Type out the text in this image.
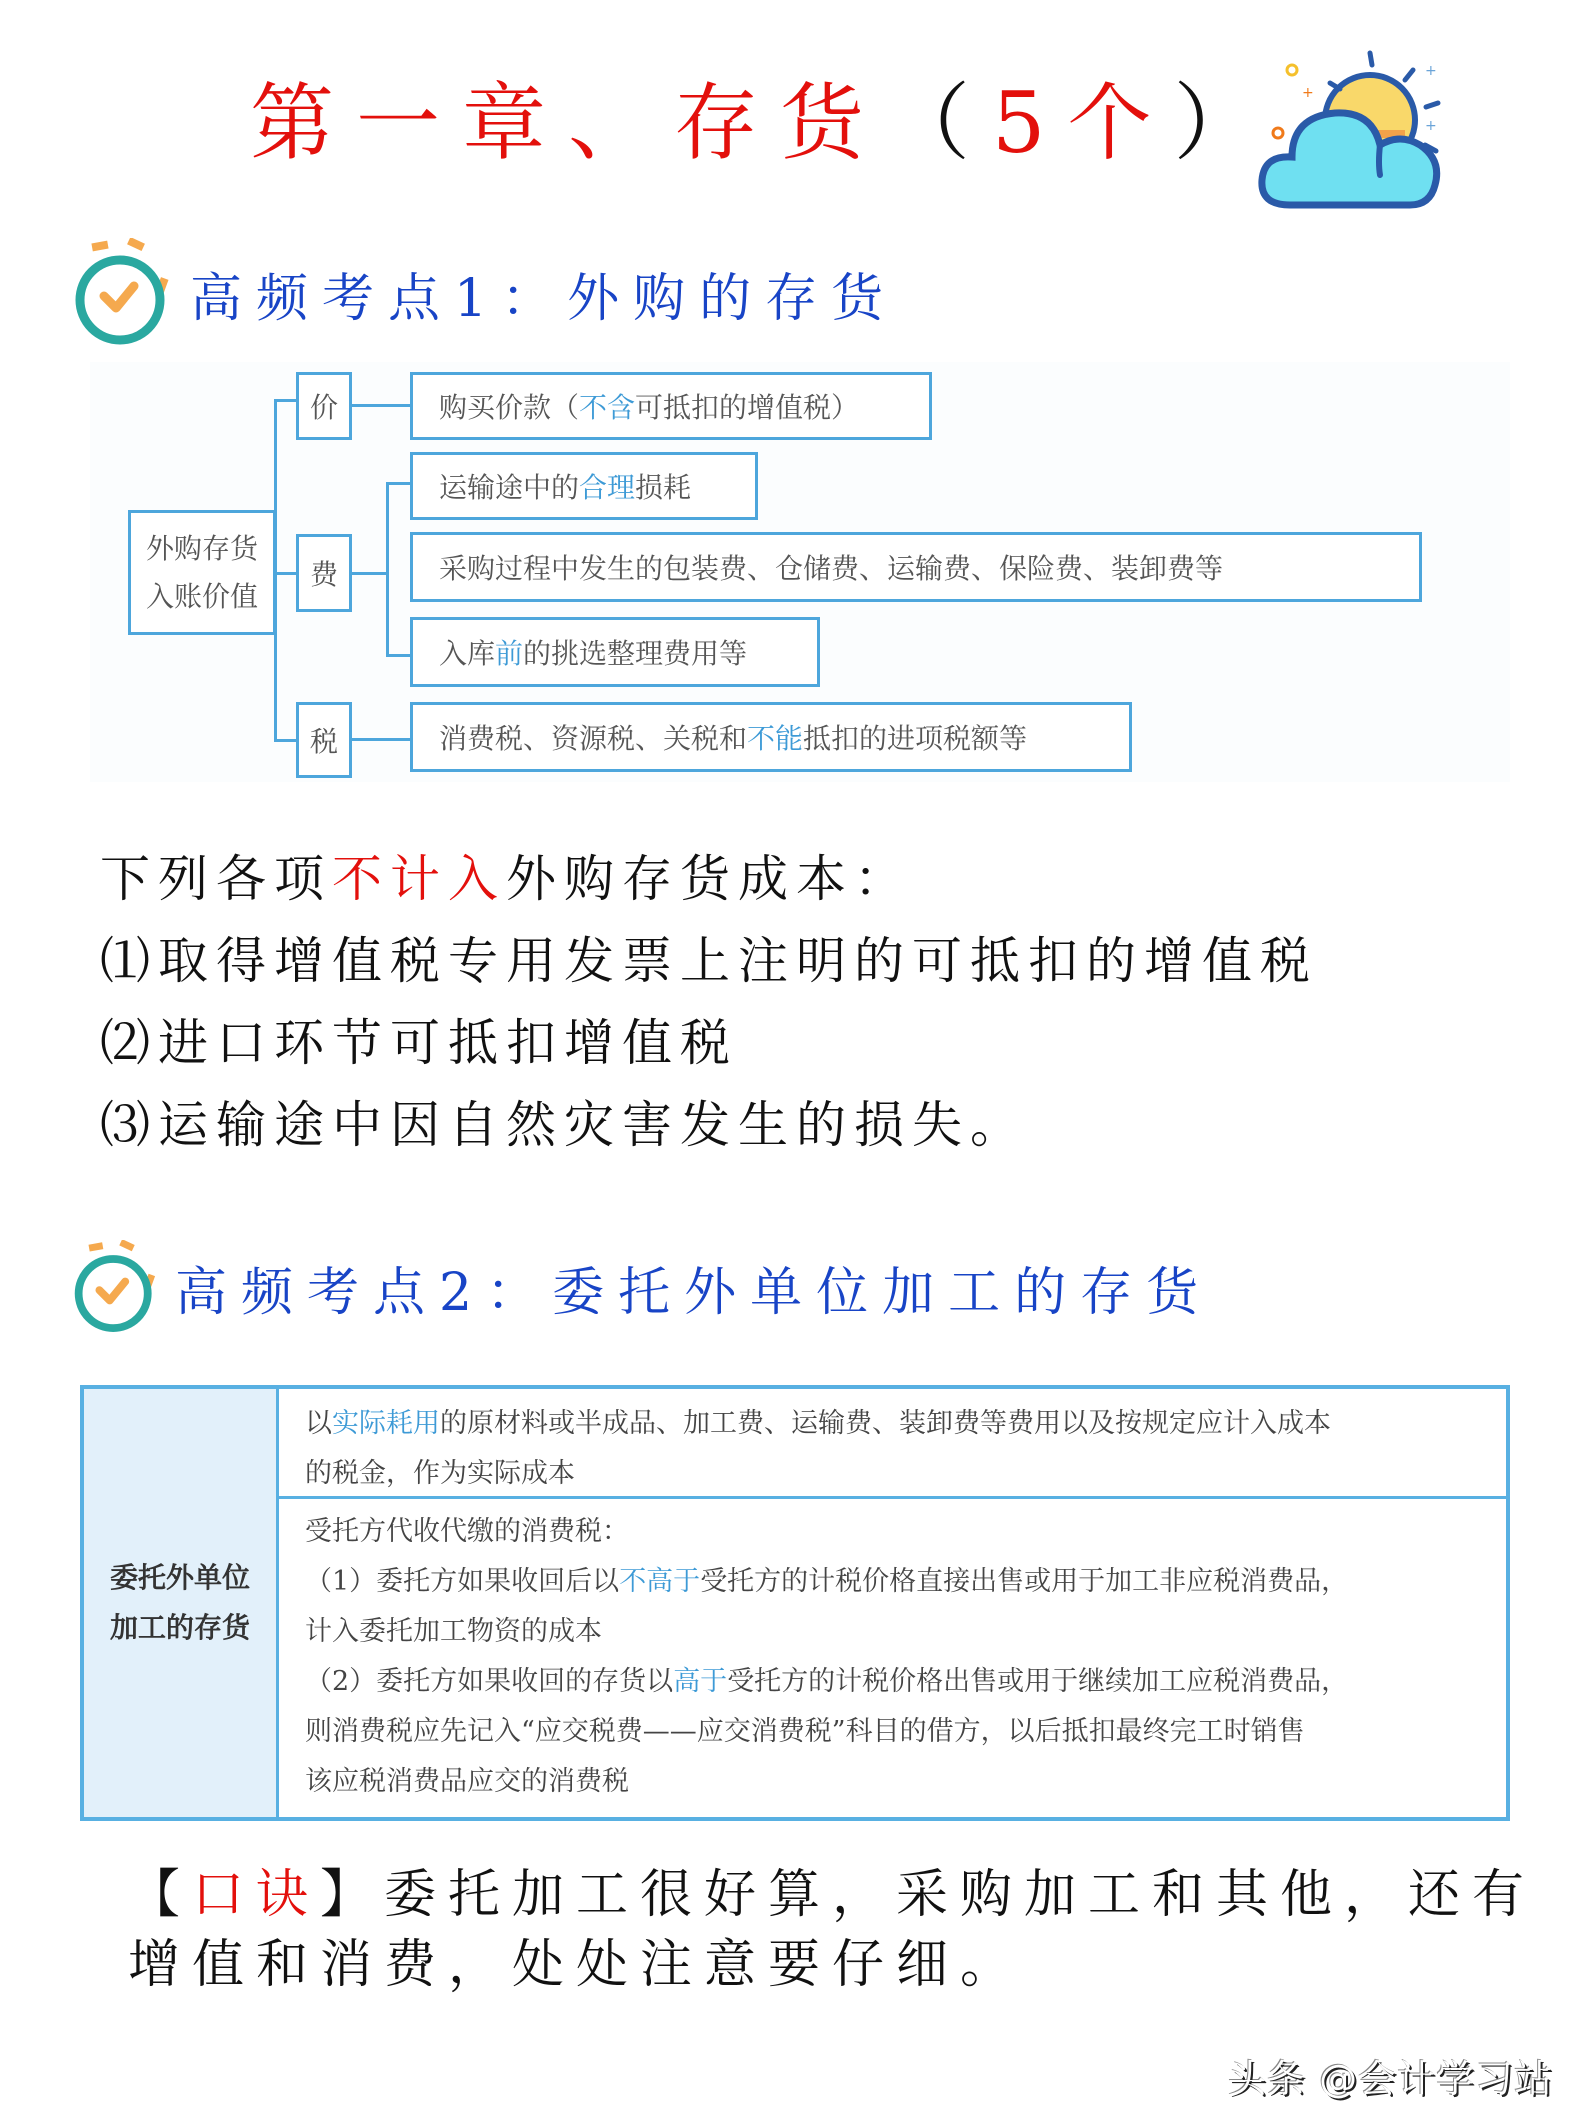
第一章、存货（5个） +
+
+
高频考点1：外购的存货
外购存货
入账价值
价
费
税
购买价款（ 不含 可抵扣的增值税）
运输途中的 合理 损耗
采购过程中发生的包装费、仓储费、运输费、保险费、装卸费等
入库 前 的挑选整理费用等
消费税、资源税、关税和 不能 抵扣的进项税额等
下列各项不计入外购存货成本：
⑴取得增值税专用发票上注明的可抵扣的增值税
⑵进口环节可抵扣增值税
⑶运输途中因自然灾害发生的损失。
高频考点2：委托外单位加工的存货
委托外单位
加工的存货
以实际耗用的原材料或半成品、加工费、运输费、装卸费等费用以及按规定应计入成本
的税金，作为实际成本
受托方代收代缴的消费税：
（1）委托方如果收回后以不高于受托方的计税价格直接出售或用于加工非应税消费品，
计入委托加工物资的成本
（2）委托方如果收回的存货以高于受托方的计税价格出售或用于继续加工应税消费品，
则消费税应先记入“应交税费——应交消费税”科目的借方，以后抵扣最终完工时销售
该应税消费品应交的消费税
【口诀】委托加工很好算，采购加工和其他，还有
增值和消费，处处注意要仔细。
头条 @会计学习站
